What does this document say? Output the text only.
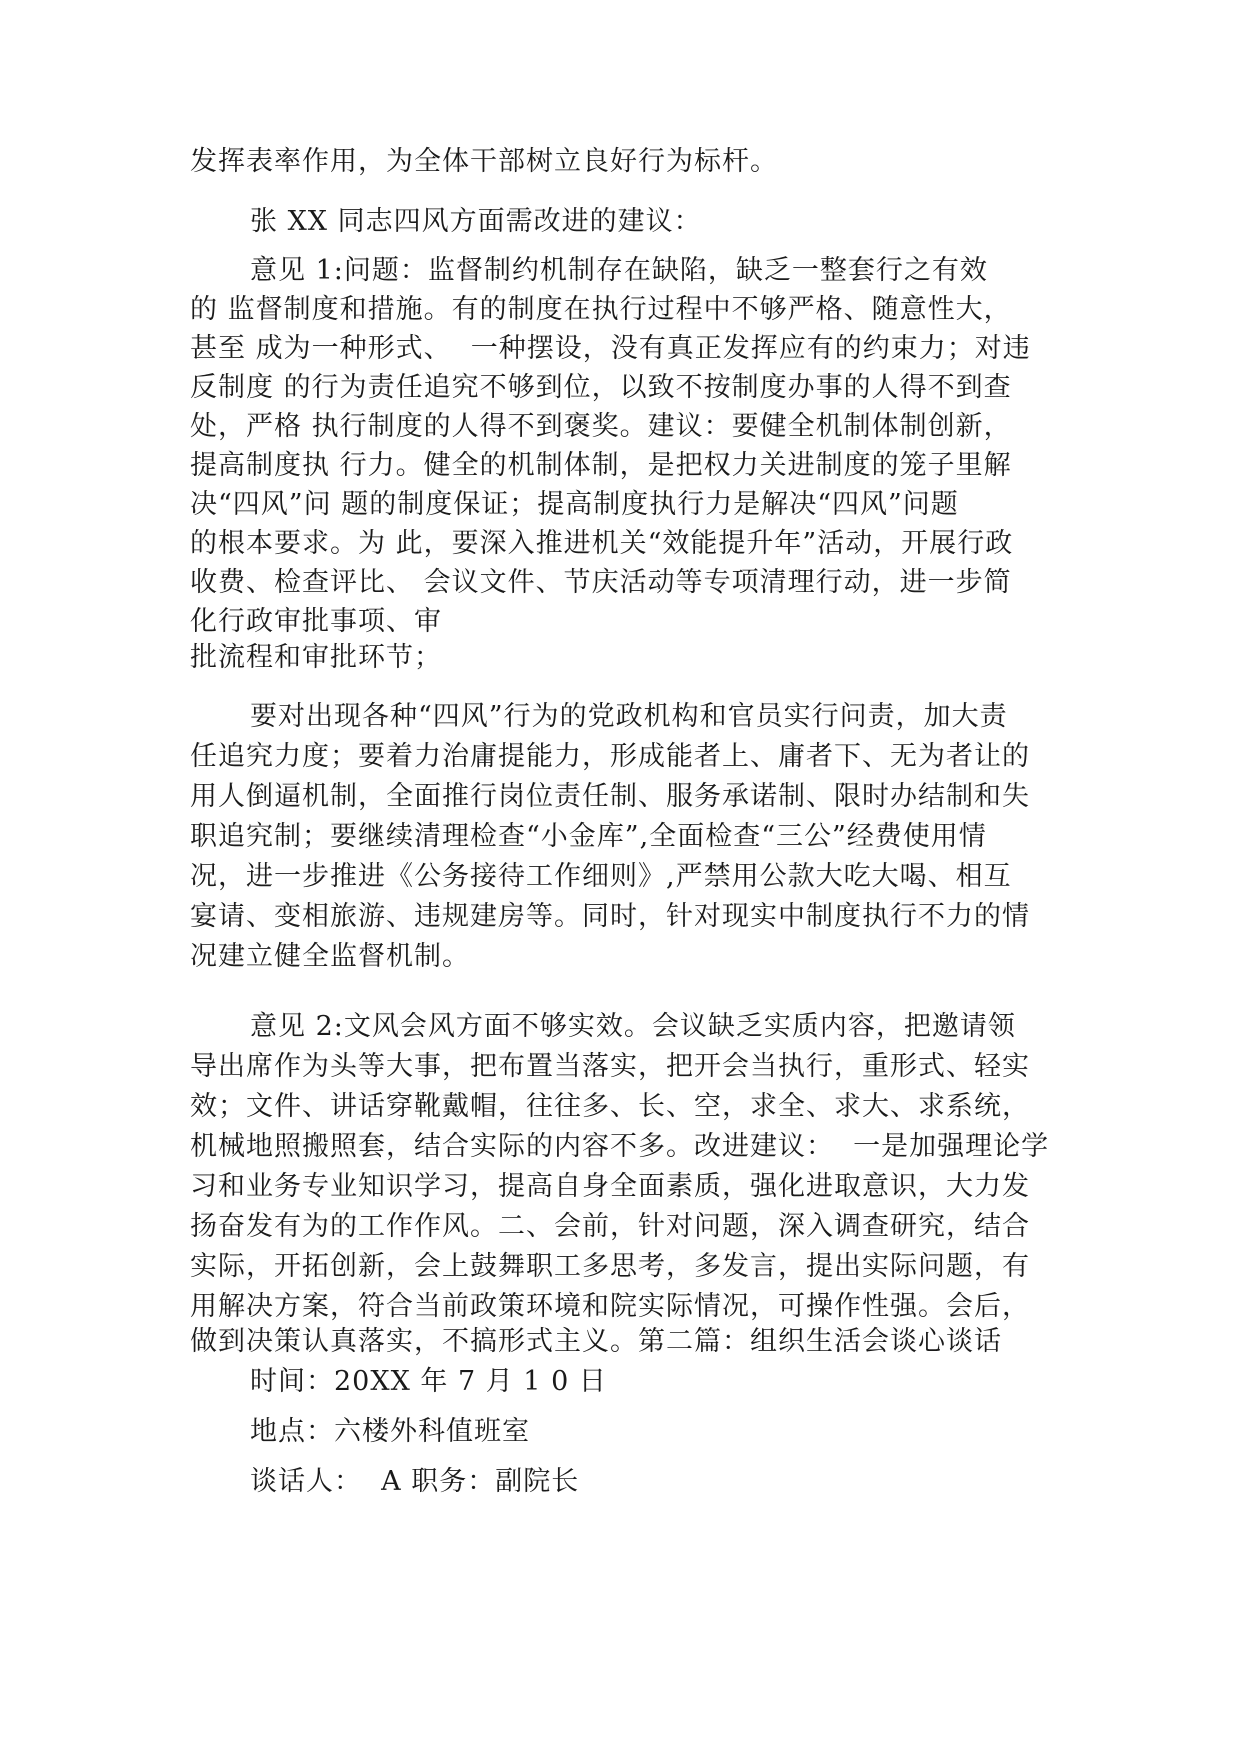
发挥表率作用，为全体干部树立良好行为标杆。
张 XX 同志四风方面需改进的建议：
意见 1:问题：监督制约机制存在缺陷，缺乏一整套行之有效
的 监督制度和措施。有的制度在执行过程中不够严格、随意性大，
甚至 成为一种形式、  一种摆设，没有真正发挥应有的约束力；对违
反制度 的行为责任追究不够到位，以致不按制度办事的人得不到查
处，严格 执行制度的人得不到褒奖。建议：要健全机制体制创新，
提高制度执 行力。健全的机制体制，是把权力关进制度的笼子里解
决“四风”问 题的制度保证；提高制度执行力是解决“四风”问题
的根本要求。为 此，要深入推进机关“效能提升年”活动，开展行政
收费、检查评比、 会议文件、节庆活动等专项清理行动，进一步简
化行政审批事项、审
批流程和审批环节；
要对出现各种“四风”行为的党政机构和官员实行问责，加大责
任追究力度；要着力治庸提能力，形成能者上、庸者下、无为者让的
用人倒逼机制，全面推行岗位责任制、服务承诺制、限时办结制和失
职追究制；要继续清理检查“小金库”,全面检查“三公”经费使用情
况，进一步推进《公务接待工作细则》,严禁用公款大吃大喝、相互
宴请、变相旅游、违规建房等。同时，针对现实中制度执行不力的情
况建立健全监督机制。
意见 2:文风会风方面不够实效。会议缺乏实质内容，把邀请领
导出席作为头等大事，把布置当落实，把开会当执行，重形式、轻实
效；文件、讲话穿靴戴帽，往往多、长、空，求全、求大、求系统，
机械地照搬照套，结合实际的内容不多。改进建议：  一是加强理论学
习和业务专业知识学习，提高自身全面素质，强化进取意识，大力发
扬奋发有为的工作作风。二、会前，针对问题，深入调查研究，结合
实际，开拓创新，会上鼓舞职工多思考，多发言，提出实际问题，有
用解决方案，符合当前政策环境和院实际情况，可操作性强。会后，
做到决策认真落实，不搞形式主义。第二篇：组织生活会谈心谈话
时间：20XX 年 7 月 1 0 日
地点：六楼外科值班室
谈话人：  A 职务：副院长
